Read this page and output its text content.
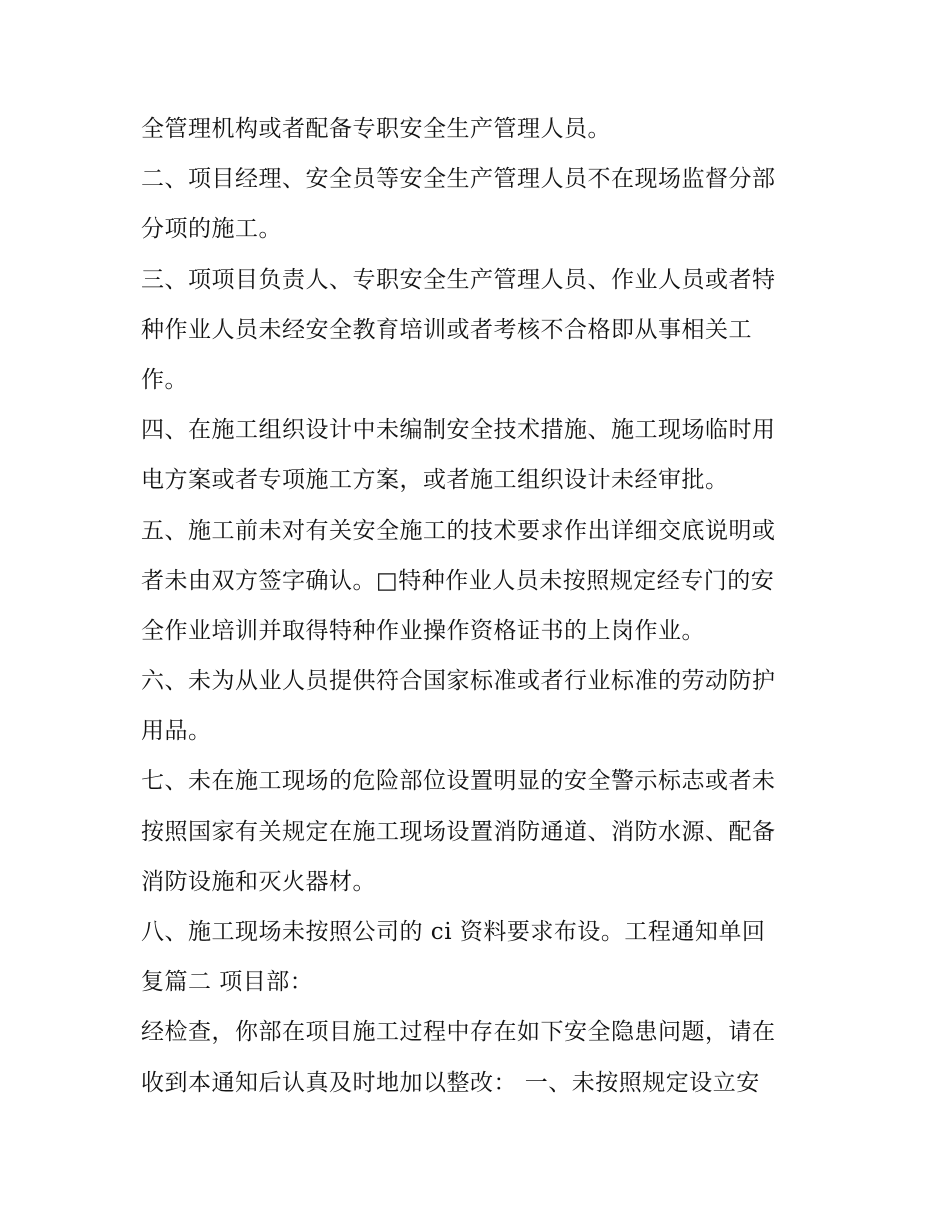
全管理机构或者配备专职安全生产管理人员。
二、项目经理、安全员等安全生产管理人员不在现场监督分部
分项的施工。
三、项项目负责人、专职安全生产管理人员、作业人员或者特
种作业人员未经安全教育培训或者考核不合格即从事相关工
作。
四、在施工组织设计中未编制安全技术措施、施工现场临时用
电方案或者专项施工方案，或者施工组织设计未经审批。
五、施工前未对有关安全施工的技术要求作出详细交底说明或
者未由双方签字确认。□特种作业人员未按照规定经专门的安
全作业培训并取得特种作业操作资格证书的上岗作业。
六、未为从业人员提供符合国家标准或者行业标准的劳动防护
用品。
七、未在施工现场的危险部位设置明显的安全警示标志或者未
按照国家有关规定在施工现场设置消防通道、消防水源、配备
消防设施和灭火器材。
八、施工现场未按照公司的 ci 资料要求布设。工程通知单回
复篇二 项目部：
经检查，你部在项目施工过程中存在如下安全隐患问题，请在
收到本通知后认真及时地加以整改： 一、未按照规定设立安
